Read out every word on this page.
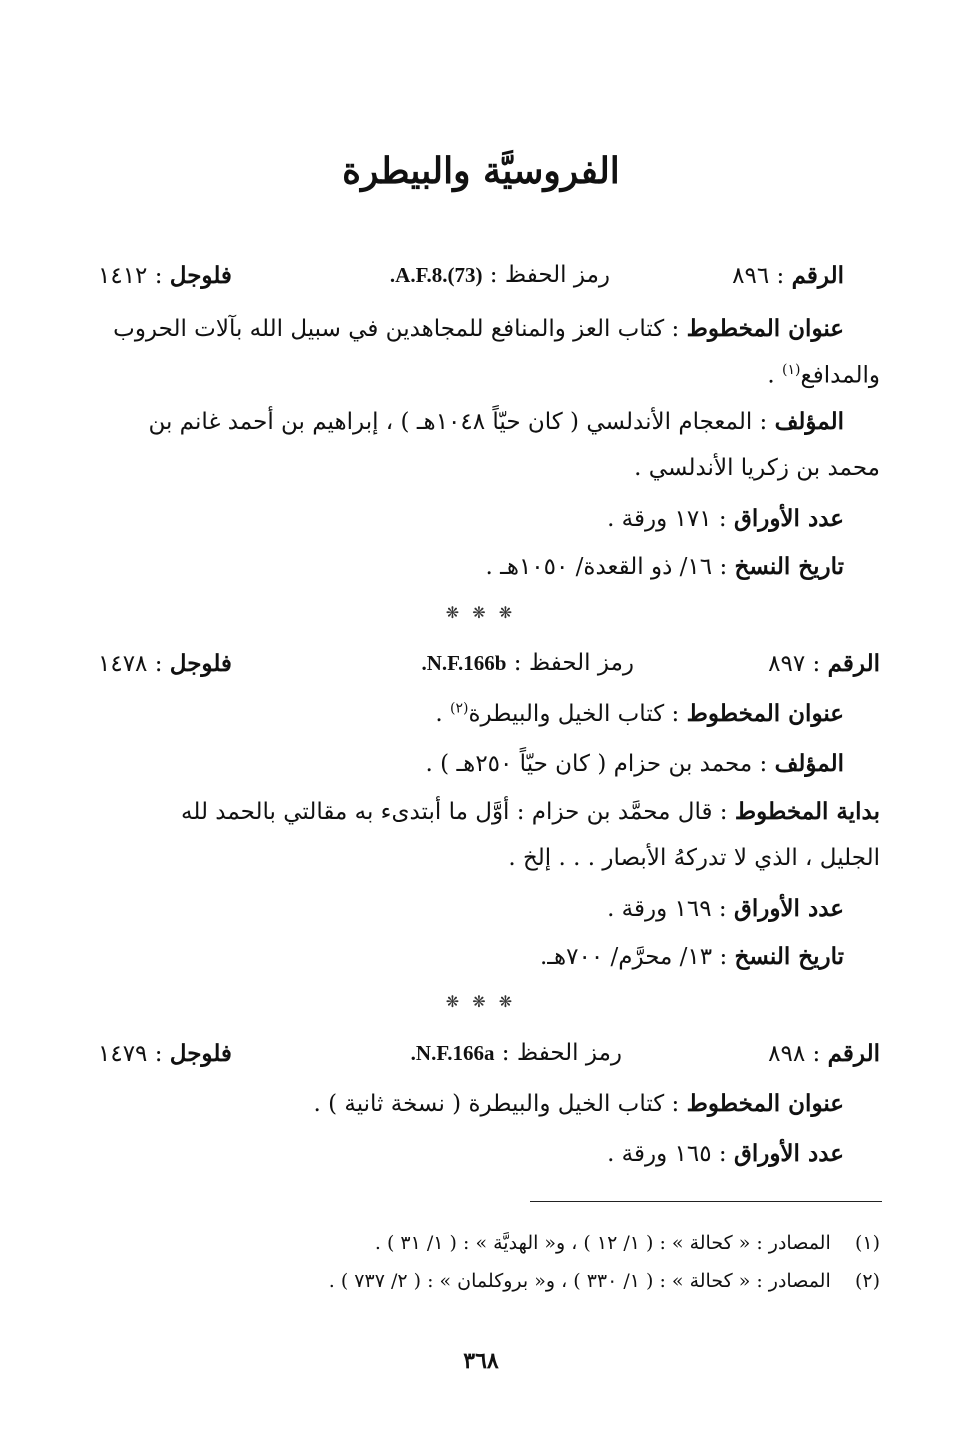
الفروسيَّة والبيطرة
الرقم : ٨٩٦
رمز الحفظ : A.F.8.(73).
فلوجل : ١٤١٢
عنوان المخطوط : كتاب العز والمنافع للمجاهدين في سبيل الله بآلات الحروب
والمدافع$^{(١)}$ .
المؤلف : المعجام الأندلسي ( كان حيّاً ١٠٤٨هـ ) ، إبراهيم بن أحمد غانم بن
محمد بن زكريا الأندلسي .
عدد الأوراق : ١٧١ ورقة .
تاريخ النسخ : ١٦/ ذو القعدة/ ١٠٥٠هـ .
❋ ❋ ❋
الرقم : ٨٩٧
رمز الحفظ : N.F.166b.
فلوجل : ١٤٧٨
عنوان المخطوط : كتاب الخيل والبيطرة$^{(٢)}$ .
المؤلف : محمد بن حزام ( كان حيّاً ٢٥٠هـ ) .
بداية المخطوط : قال محمَّد بن حزام : أوَّل ما أبتدىء به مقالتي بالحمد لله
الجليل ، الذي لا تدركهُ الأبصار . . . إلخ .
عدد الأوراق : ١٦٩ ورقة .
تاريخ النسخ : ١٣/ محرَّم/ ٧٠٠هـ.
❋ ❋ ❋
الرقم : ٨٩٨
رمز الحفظ : N.F.166a.
فلوجل : ١٤٧٩
عنوان المخطوط : كتاب الخيل والبيطرة ( نسخة ثانية ) .
عدد الأوراق : ١٦٥ ورقة .
(١)    المصادر : « كحالة » : ( ١/ ١٢ ) ، و« الهديَّة » : ( ١/ ٣١ ) .
(٢)    المصادر : « كحالة » : ( ١/ ٣٣٠ ) ، و« بروكلمان » : ( ٢/ ٧٣٧ ) .
٣٦٨
